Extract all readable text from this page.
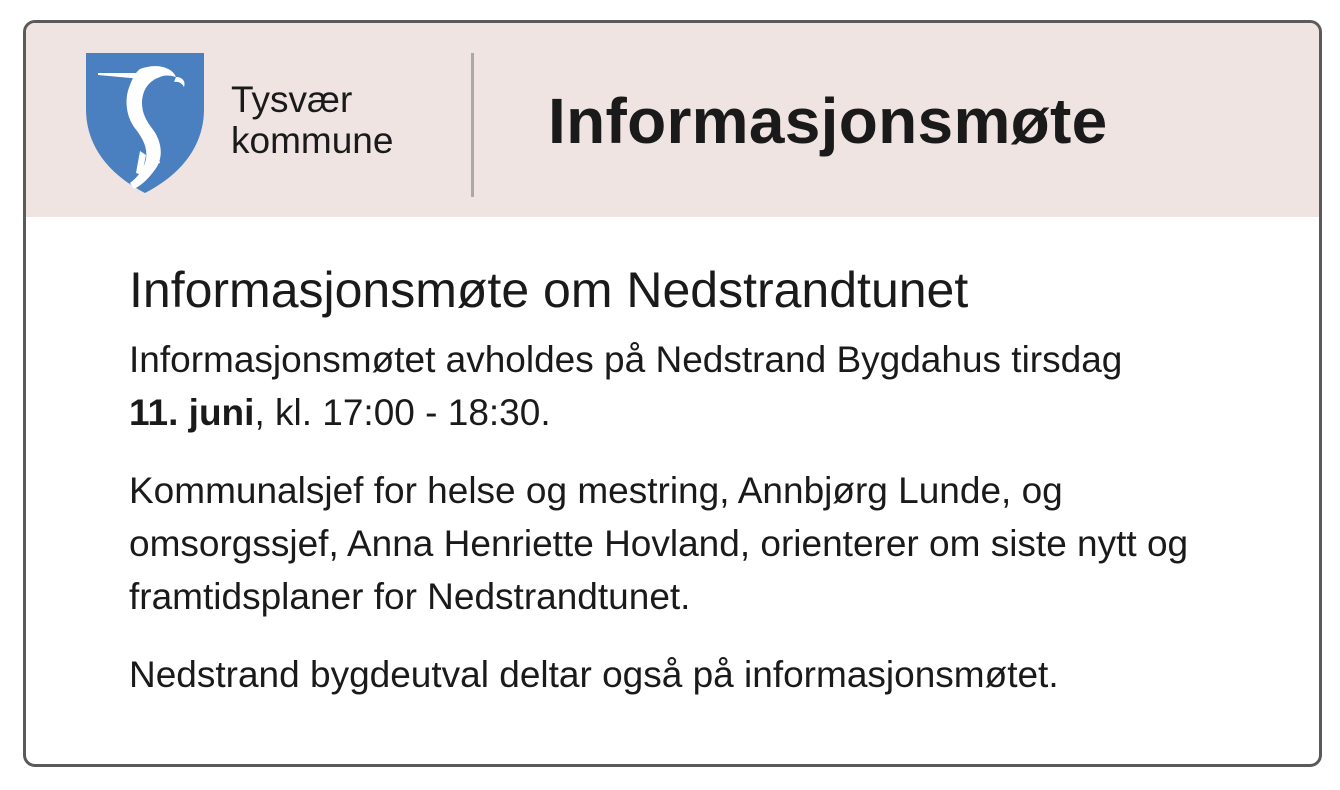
Tysvær
kommune Informasjonsmøte
Informasjonsmøte om Nedstrandtunet

Informasjonsmøtet avholdes på Nedstrand Bygdahus tirsdag
11. juni, kl. 17:00 - 18:30.

Kommunalsjef for helse og mestring, Annbjørg Lunde, og omsorgssjef, Anna Henriette Hovland, orienterer om siste nytt og framtidsplaner for Nedstrandtunet.

Nedstrand bygdeutval deltar også på informasjonsmøtet.
